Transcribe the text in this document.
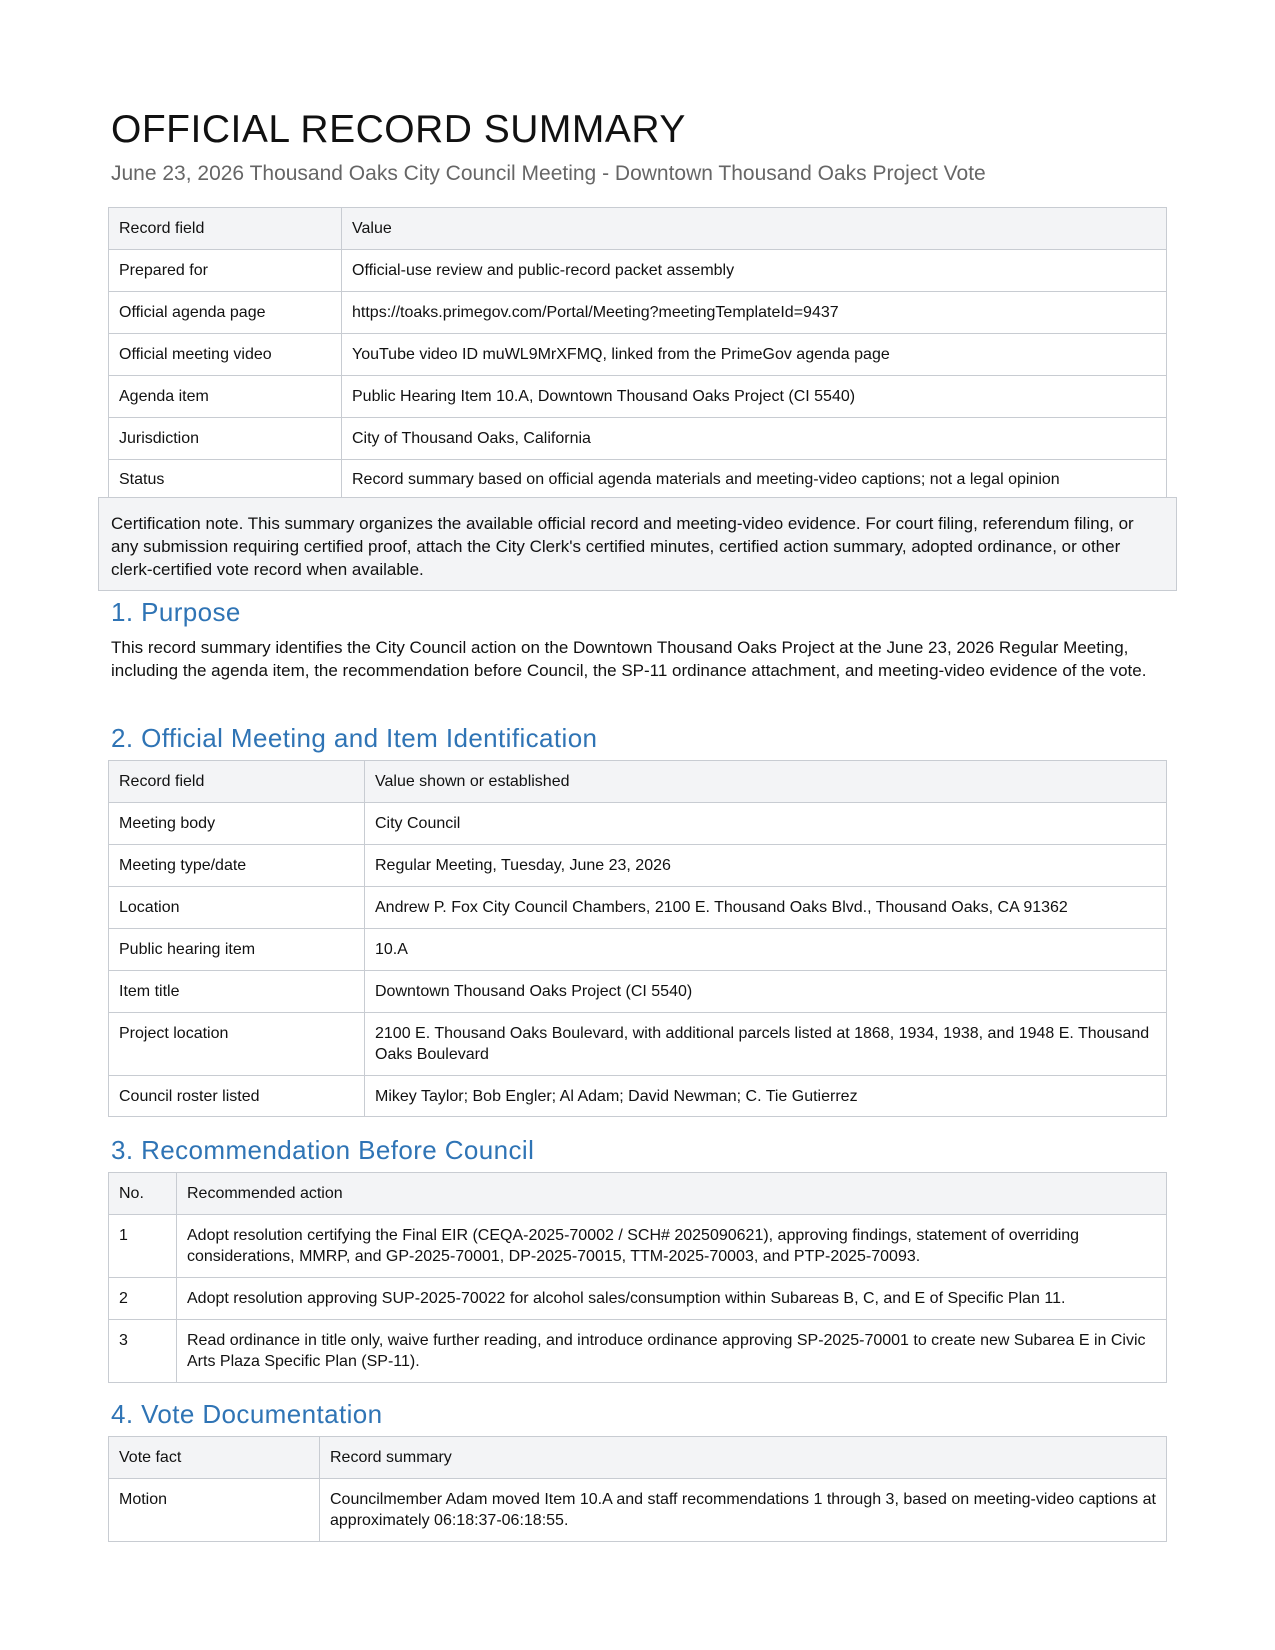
OFFICIAL RECORD SUMMARY
June 23, 2026 Thousand Oaks City Council Meeting - Downtown Thousand Oaks Project Vote
Record field	Value
Prepared for	Official-use review and public-record packet assembly
Official agenda page	https://toaks.primegov.com/Portal/Meeting?meetingTemplateId=9437
Official meeting video	YouTube video ID muWL9MrXFMQ, linked from the PrimeGov agenda page
Agenda item	Public Hearing Item 10.A, Downtown Thousand Oaks Project (CI 5540)
Jurisdiction	City of Thousand Oaks, California
Status	Record summary based on official agenda materials and meeting-video captions; not a legal opinion
Certification note. This summary organizes the available official record and meeting-video evidence. For court filing, referendum filing, or any submission requiring certified proof, attach the City Clerk's certified minutes, certified action summary, adopted ordinance, or other clerk-certified vote record when available.
1. Purpose

This record summary identifies the City Council action on the Downtown Thousand Oaks Project at the June 23, 2026 Regular Meeting, including the agenda item, the recommendation before Council, the SP-11 ordinance attachment, and meeting-video evidence of the vote.

2. Official Meeting and Item Identification
Record field	Value shown or established
Meeting body	City Council
Meeting type/date	Regular Meeting, Tuesday, June 23, 2026
Location	Andrew P. Fox City Council Chambers, 2100 E. Thousand Oaks Blvd., Thousand Oaks, CA 91362
Public hearing item	10.A
Item title	Downtown Thousand Oaks Project (CI 5540)
Project location	2100 E. Thousand Oaks Boulevard, with additional parcels listed at 1868, 1934, 1938, and 1948 E. Thousand Oaks Boulevard
Council roster listed	Mikey Taylor; Bob Engler; Al Adam; David Newman; C. Tie Gutierrez
3. Recommendation Before Council
No.	Recommended action
1	Adopt resolution certifying the Final EIR (CEQA-2025-70002 / SCH# 2025090621), approving findings, statement of overriding considerations, MMRP, and GP-2025-70001, DP-2025-70015, TTM-2025-70003, and PTP-2025-70093.
2	Adopt resolution approving SUP-2025-70022 for alcohol sales/consumption within Subareas B, C, and E of Specific Plan 11.
3	Read ordinance in title only, waive further reading, and introduce ordinance approving SP-2025-70001 to create new Subarea E in Civic Arts Plaza Specific Plan (SP-11).
4. Vote Documentation
Vote fact	Record summary
Motion	Councilmember Adam moved Item 10.A and staff recommendations 1 through 3, based on meeting-video captions at approximately 06:18:37-06:18:55.
